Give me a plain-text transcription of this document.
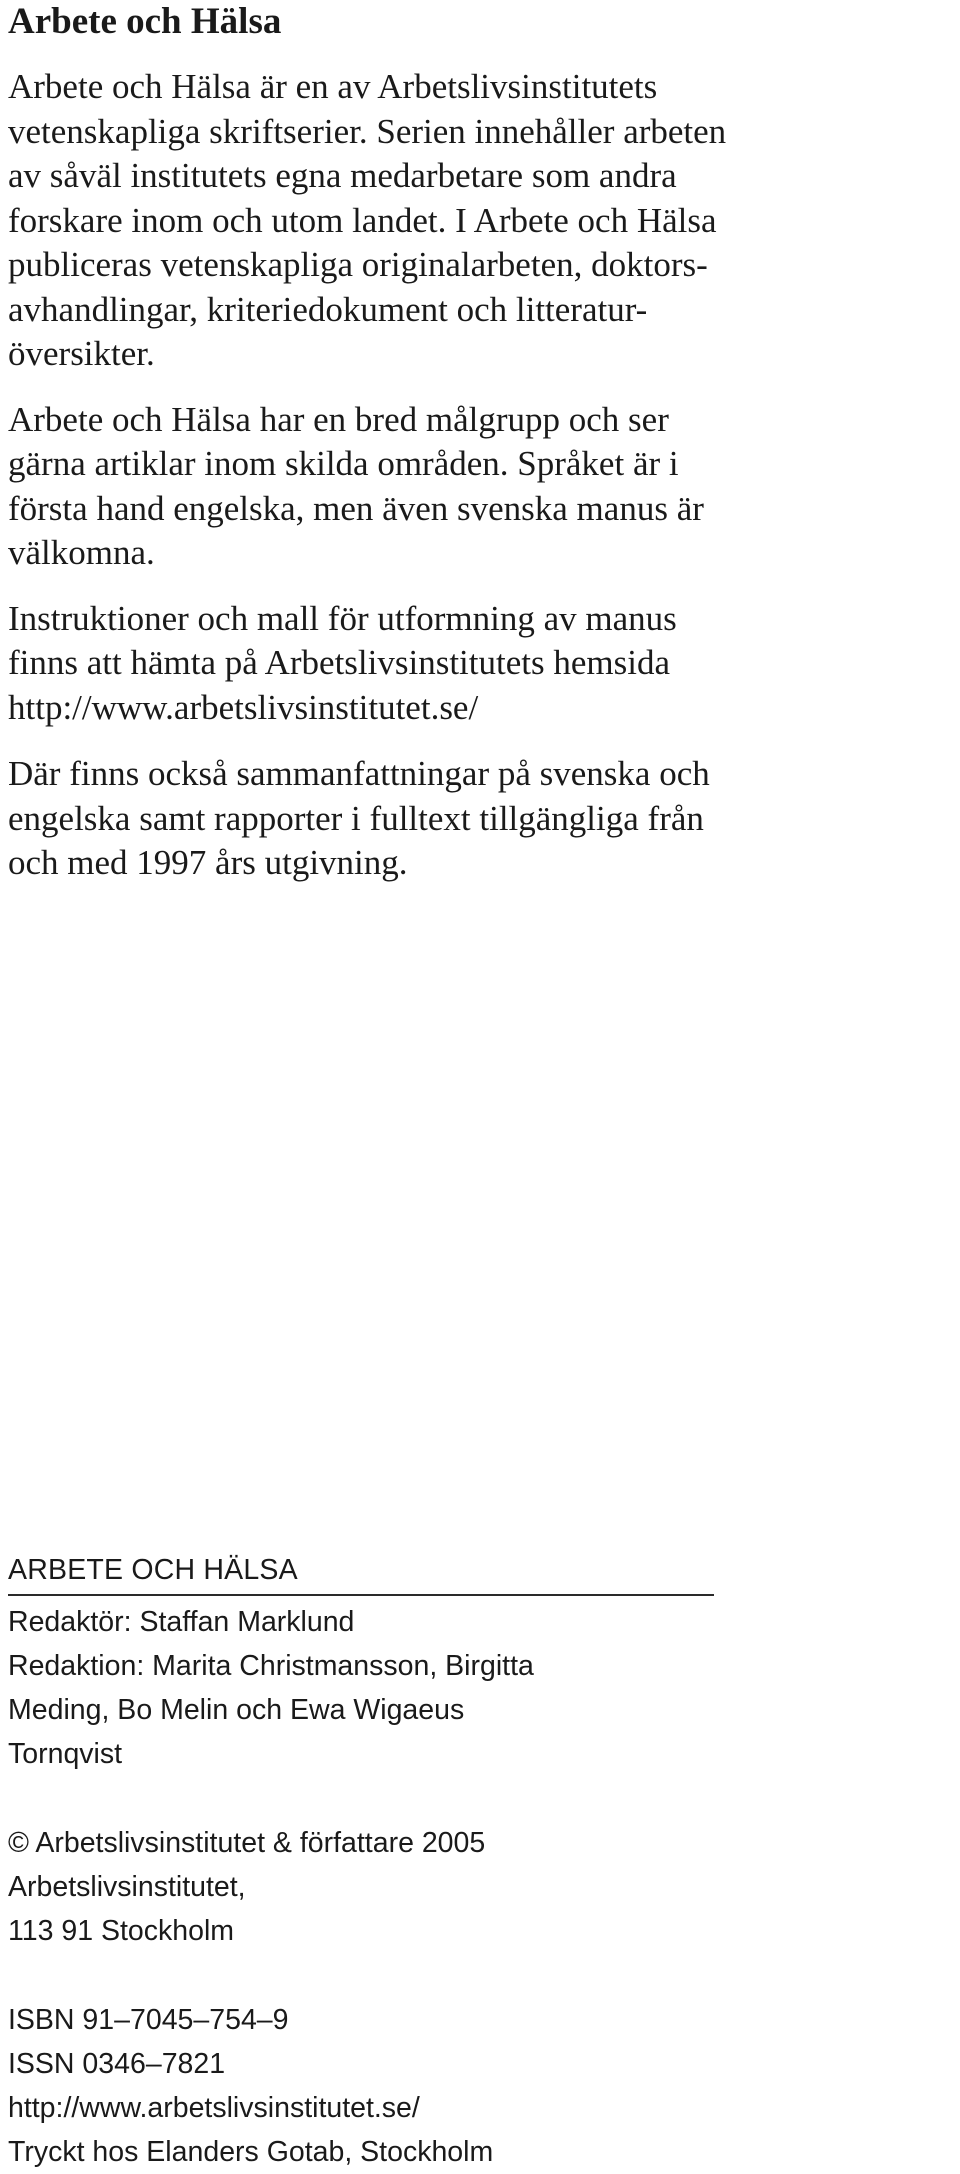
Arbete och Hälsa

Arbete och Hälsa är en av Arbetslivsinstitutets
vetenskapliga skriftserier. Serien innehåller arbeten
av såväl institutets egna medarbetare som andra
forskare inom och utom landet. I Arbete och Hälsa
publiceras vetenskapliga originalarbeten, doktors-
avhandlingar, kriteriedokument och litteratur-
översikter.

Arbete och Hälsa har en bred målgrupp och ser
gärna artiklar inom skilda områden. Språket är i
första hand engelska, men även svenska manus är
välkomna.

Instruktioner och mall för utformning av manus
finns att hämta på Arbetslivsinstitutets hemsida
http://www.arbetslivsinstitutet.se/

Där finns också sammanfattningar på svenska och
engelska samt rapporter i fulltext tillgängliga från
och med 1997 års utgivning.

ARBETE OCH HÄLSA
Redaktör: Staffan Marklund
Redaktion: Marita Christmansson, Birgitta
Meding, Bo Melin och Ewa Wigaeus
Tornqvist
© Arbetslivsinstitutet & författare 2005
Arbetslivsinstitutet,
113 91 Stockholm
ISBN 91–7045–754–9
ISSN 0346–7821
http://www.arbetslivsinstitutet.se/
Tryckt hos Elanders Gotab, Stockholm
